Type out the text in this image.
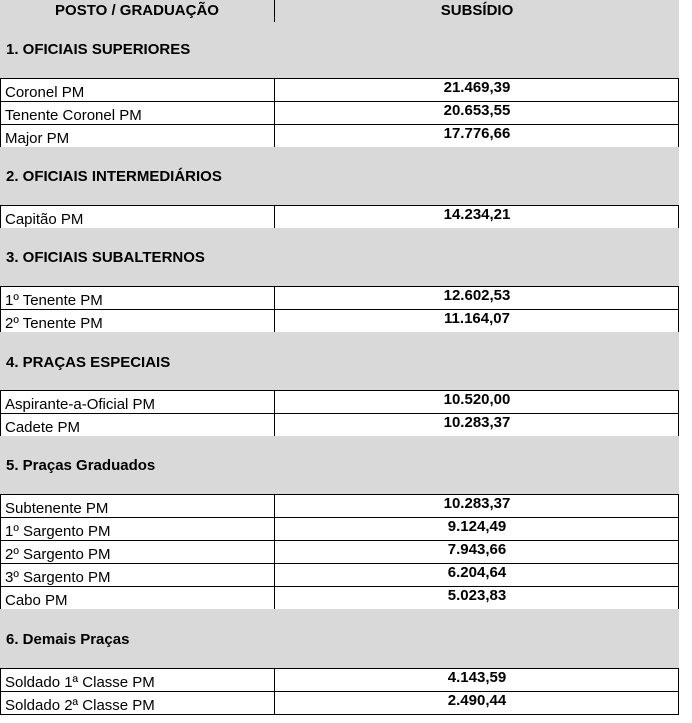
POSTO / GRADUAÇÃO	SUBSÍDIO
1. OFICIAIS SUPERIORES
Coronel PM	21.469,39
Tenente Coronel PM	20.653,55
Major PM	17.776,66
2. OFICIAIS INTERMEDIÁRIOS
Capitão PM	14.234,21
3. OFICIAIS SUBALTERNOS
1º Tenente PM	12.602,53
2º Tenente PM	11.164,07
4. PRAÇAS ESPECIAIS
Aspirante-a-Oficial PM	10.520,00
Cadete PM	10.283,37
5. Praças Graduados
Subtenente PM	10.283,37
1º Sargento PM	9.124,49
2º Sargento PM	7.943,66
3º Sargento PM	6.204,64
Cabo PM	5.023,83
6. Demais Praças
Soldado 1ª Classe PM	4.143,59
Soldado 2ª Classe PM	2.490,44
